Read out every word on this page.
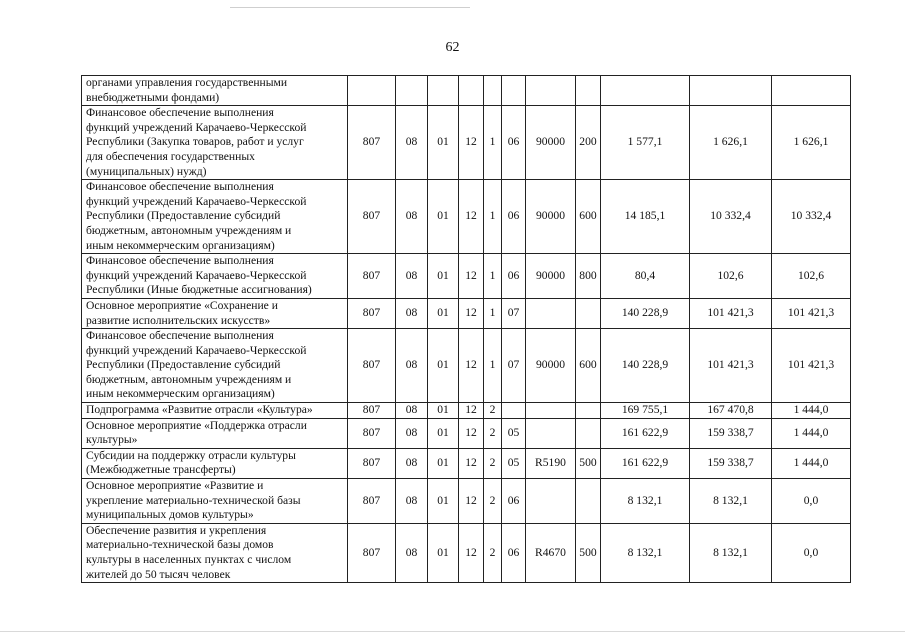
62
органами управления государственными
внебюджетными фондами)											

Финансовое обеспечение выполнения
функций учреждений Карачаево-Черкесской
Республики (Закупка товаров, работ и услуг
для обеспечения государственных
(муниципальных) нужд)	807	08	01	12	1	06	90000	200	1 577,1	1 626,1	1 626,1

Финансовое обеспечение выполнения
функций учреждений Карачаево-Черкесской
Республики (Предоставление субсидий
бюджетным, автономным учреждениям и
иным некоммерческим организациям)	807	08	01	12	1	06	90000	600	14 185,1	10 332,4	10 332,4

Финансовое обеспечение выполнения
функций учреждений Карачаево-Черкесской
Республики (Иные бюджетные ассигнования)	807	08	01	12	1	06	90000	800	80,4	102,6	102,6

Основное мероприятие «Сохранение и
развитие исполнительских искусств»	807	08	01	12	1	07			140 228,9	101 421,3	101 421,3

Финансовое обеспечение выполнения
функций учреждений Карачаево-Черкесской
Республики (Предоставление субсидий
бюджетным, автономным учреждениям и
иным некоммерческим организациям)	807	08	01	12	1	07	90000	600	140 228,9	101 421,3	101 421,3

Подпрограмма «Развитие отрасли «Культура»	807	08	01	12	2				169 755,1	167 470,8	1 444,0

Основное мероприятие «Поддержка отрасли
культуры»	807	08	01	12	2	05			161 622,9	159 338,7	1 444,0

Субсидии на поддержку отрасли культуры
(Межбюджетные трансферты)	807	08	01	12	2	05	R5190	500	161 622,9	159 338,7	1 444,0

Основное мероприятие «Развитие и
укрепление материально-технической базы
муниципальных домов культуры»	807	08	01	12	2	06			8 132,1	8 132,1	0,0

Обеспечение развития и укрепления
материально-технической базы домов
культуры в населенных пунктах с числом
жителей до 50 тысяч человек	807	08	01	12	2	06	R4670	500	8 132,1	8 132,1	0,0
